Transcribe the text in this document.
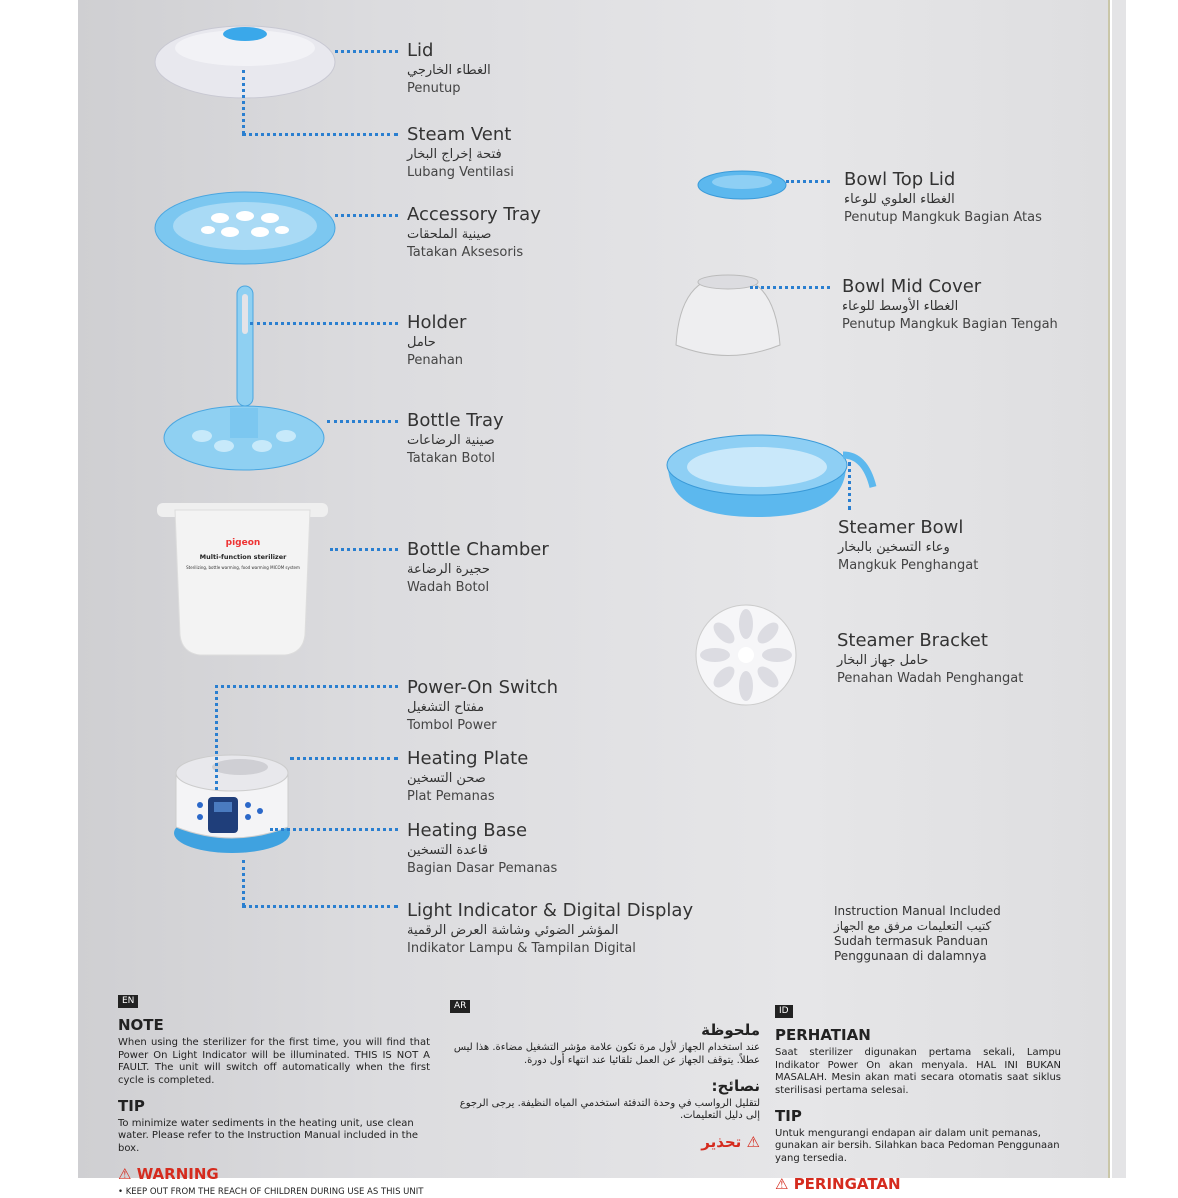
pigeon
Multi-function sterilizer
Sterilizing, bottle warming, food warming MICOM system
Lid
الغطاء الخارجي
Penutup
Steam Vent
فتحة إخراج البخار
Lubang Ventilasi
Accessory Tray
صينية الملحقات
Tatakan Aksesoris
Holder
حامل
Penahan
Bottle Tray
صينية الرضاعات
Tatakan Botol
Bottle Chamber
حجيرة الرضاعة
Wadah Botol
Power-On Switch
مفتاح التشغيل
Tombol Power
Heating Plate
صحن التسخين
Plat Pemanas
Heating Base
قاعدة التسخين
Bagian Dasar Pemanas
Light Indicator & Digital Display
المؤشر الضوئي وشاشة العرض الرقمية
Indikator Lampu & Tampilan Digital
Bowl Top Lid
الغطاء العلوي للوعاء
Penutup Mangkuk Bagian Atas
Bowl Mid Cover
الغطاء الأوسط للوعاء
Penutup Mangkuk Bagian Tengah
Steamer Bowl
وعاء التسخين بالبخار
Mangkuk Penghangat
Steamer Bracket
حامل جهاز البخار
Penahan Wadah Penghangat
Instruction Manual Included
كتيب التعليمات مرفق مع الجهاز
Sudah termasuk Panduan Penggunaan di dalamnya
EN
NOTE

When using the sterilizer for the first time, you will find that Power On Light Indicator will be illuminated. THIS IS NOT A FAULT. The unit will switch off automatically when the first cycle is completed.

TIP

To minimize water sediments in the heating unit, use clean water. Please refer to the Instruction Manual included in the box.

⚠ WARNING
• KEEP OUT FROM THE REACH OF CHILDREN DURING USE AS THIS UNIT
AR
ملحوظة

عند استخدام الجهاز لأول مرة تكون علامة مؤشر التشغيل مضاءة. هذا ليس عطلاً. يتوقف الجهاز عن العمل تلقائيا عند انتهاء أول دورة.

نصائح:

لتقليل الرواسب في وحدة التدفئة استخدمي المياه النظيفة. يرجى الرجوع إلى دليل التعليمات.

⚠ تحذير
ID
PERHATIAN

Saat sterilizer digunakan pertama sekali, Lampu Indikator Power On akan menyala. HAL INI BUKAN MASALAH. Mesin akan mati secara otomatis saat siklus sterilisasi pertama selesai.

TIP

Untuk mengurangi endapan air dalam unit pemanas, gunakan air bersih. Silahkan baca Pedoman Penggunaan yang tersedia.

⚠ PERINGATAN
